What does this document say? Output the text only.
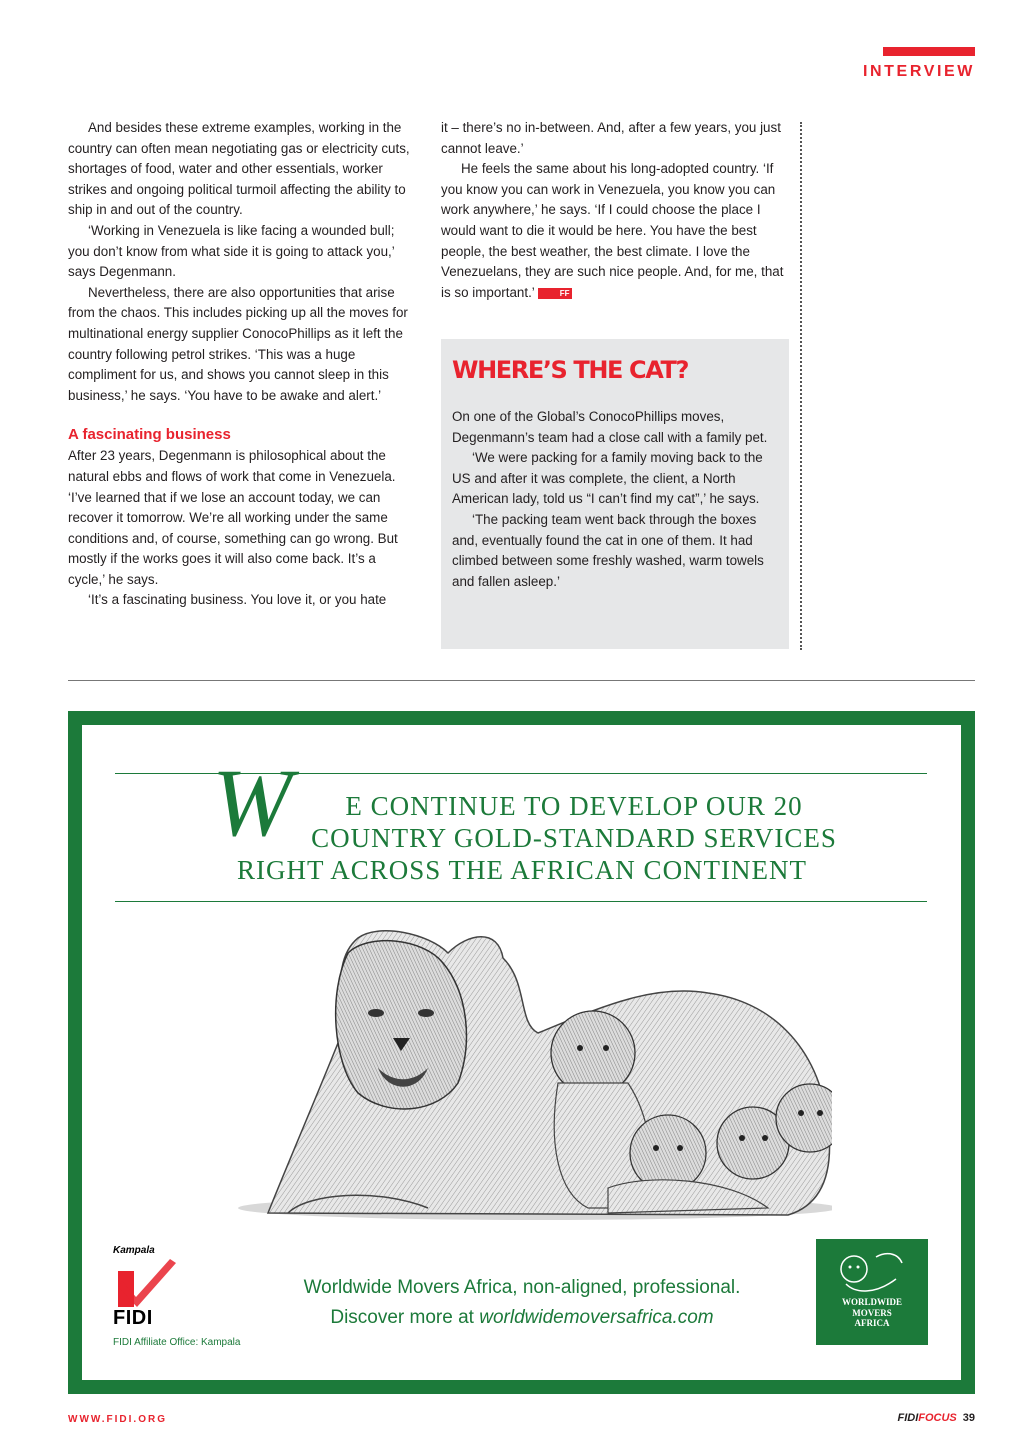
INTERVIEW

And besides these extreme examples, working in the country can often mean negotiating gas or electricity cuts, shortages of food, water and other essentials, worker strikes and ongoing political turmoil affecting the ability to ship in and out of the country.

‘Working in Venezuela is like facing a wounded bull; you don’t know from what side it is going to attack you,’ says Degenmann.

Nevertheless, there are also opportunities that arise from the chaos. This includes picking up all the moves for multinational energy supplier ConocoPhillips as it left the country following petrol strikes. ‘This was a huge compliment for us, and shows you cannot sleep in this business,’ he says. ‘You have to be awake and alert.’

A fascinating business

After 23 years, Degenmann is philosophical about the natural ebbs and flows of work that come in Venezuela. ‘I’ve learned that if we lose an account today, we can recover it tomorrow. We’re all working under the same conditions and, of course, something can go wrong. But mostly if the works goes it will also come back. It’s a cycle,’ he says.

‘It’s a fascinating business. You love it, or you hate

it – there’s no in-between. And, after a few years, you just cannot leave.’

He feels the same about his long-adopted country. ‘If you know you can work in Venezuela, you know you can work anywhere,’ he says. ‘If I could choose the place I would want to die it would be here. You have the best people, the best weather, the best climate. I love the Venezuelans, they are such nice people. And, for me, that is so important.’	FF

WHERE’S THE CAT?

On one of the Global’s ConocoPhillips moves, Degenmann’s team had a close call with a family pet.

‘We were packing for a family moving back to the US and after it was complete, the client, a North American lady, told us “I can’t find my cat”,’ he says.

‘The packing team went back through the boxes and, eventually found the cat in one of them. It had climbed between some freshly washed, warm towels and fallen asleep.’

W	E CONTINUE TO DEVELOP OUR 20
COUNTRY GOLD-STANDARD SERVICES
RIGHT ACROSS THE AFRICAN CONTINENT
Worldwide Movers Africa, non-aligned, professional.
Discover more at worldwidemoversafrica.com
Kampala
FIDI
FIDI Affiliate Office: Kampala
WORLDWIDE
MOVERS
AFRICA
WWW.FIDI.ORG	FIDIFOCUS 39
